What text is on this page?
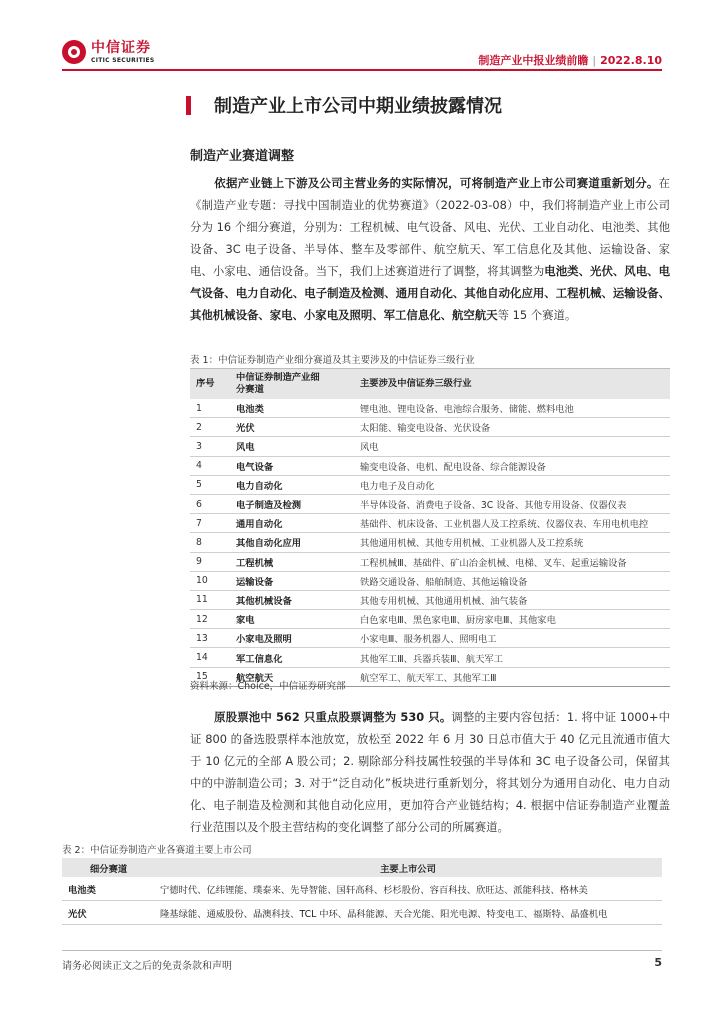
中信证券
CITIC SECURITIES	制造产业中报业绩前瞻 | 2022.8.10
制造产业上市公司中期业绩披露情况
制造产业赛道调整
依据产业链上下游及公司主营业务的实际情况，可将制造产业上市公司赛道重新划分。在《制造产业专题：寻找中国制造业的优势赛道》（2022-03-08）中，我们将制造产业上市公司分为 16 个细分赛道，分别为：工程机械、电气设备、风电、光伏、工业自动化、电池类、其他设备、3C 电子设备、半导体、整车及零部件、航空航天、军工信息化及其他、运输设备、家电、小家电、通信设备。当下，我们上述赛道进行了调整，将其调整为电池类、光伏、风电、电气设备、电力自动化、电子制造及检测、通用自动化、其他自动化应用、工程机械、运输设备、其他机械设备、家电、小家电及照明、军工信息化、航空航天等 15 个赛道。
表 1：中信证券制造产业细分赛道及其主要涉及的中信证券三级行业
序号	中信证券制造产业细分赛道	主要涉及中信证券三级行业
1	电池类	锂电池、锂电设备、电池综合服务、储能、燃料电池
2	光伏	太阳能、输变电设备、光伏设备
3	风电	风电
4	电气设备	输变电设备、电机、配电设备、综合能源设备
5	电力自动化	电力电子及自动化
6	电子制造及检测	半导体设备、消费电子设备、3C 设备、其他专用设备、仪器仪表
7	通用自动化	基础件、机床设备、工业机器人及工控系统、仪器仪表、车用电机电控
8	其他自动化应用	其他通用机械、其他专用机械、工业机器人及工控系统
9	工程机械	工程机械Ⅲ、基础件、矿山冶金机械、电梯、叉车、起重运输设备
10	运输设备	铁路交通设备、船舶制造、其他运输设备
11	其他机械设备	其他专用机械、其他通用机械、油气装备
12	家电	白色家电Ⅲ、黑色家电Ⅲ、厨房家电Ⅲ、其他家电
13	小家电及照明	小家电Ⅲ、服务机器人、照明电工
14	军工信息化	其他军工Ⅲ、兵器兵装Ⅲ、航天军工
15	航空航天	航空军工、航天军工、其他军工Ⅲ
资料来源：Choice，中信证券研究部
原股票池中 562 只重点股票调整为 530 只。调整的主要内容包括：1. 将中证 1000+中证 800 的备选股票样本池放宽，放松至 2022 年 6 月 30 日总市值大于 40 亿元且流通市值大于 10 亿元的全部 A 股公司；2. 剔除部分科技属性较强的半导体和 3C 电子设备公司，保留其中的中游制造公司；3. 对于“泛自动化”板块进行重新划分，将其划分为通用自动化、电力自动化、电子制造及检测和其他自动化应用，更加符合产业链结构；4. 根据中信证券制造产业覆盖行业范围以及个股主营结构的变化调整了部分公司的所属赛道。
表 2：中信证券制造产业各赛道主要上市公司
细分赛道	主要上市公司
电池类	宁德时代、亿纬锂能、璞泰来、先导智能、国轩高科、杉杉股份、容百科技、欣旺达、派能科技、格林美
光伏	隆基绿能、通威股份、晶澳科技、TCL 中环、晶科能源、天合光能、阳光电源、特变电工、福斯特、晶盛机电
请务必阅读正文之后的免责条款和声明	5
